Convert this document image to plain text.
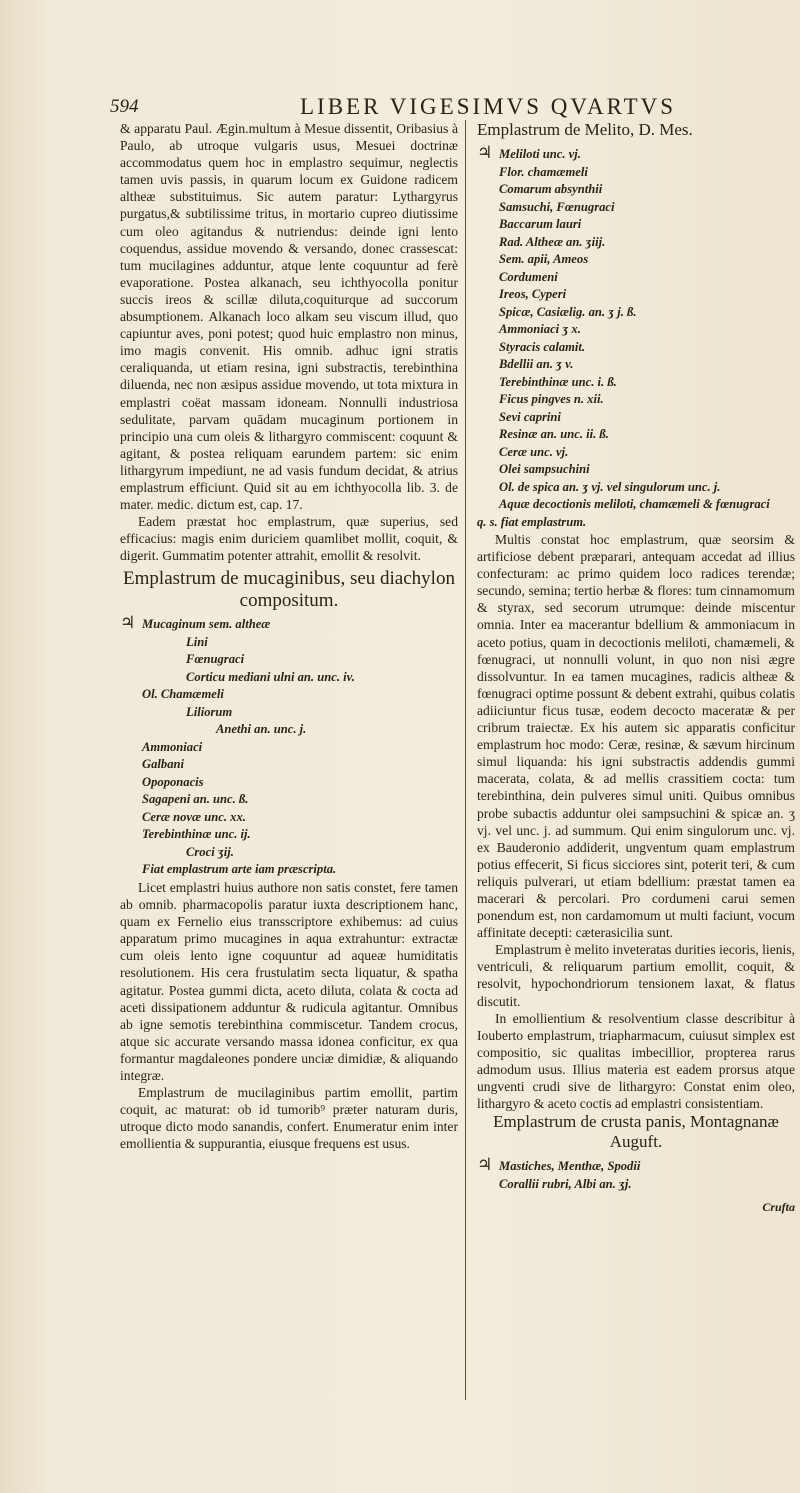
594	LIBER VIGESIMVS QVARTVS

& apparatu Paul. Ægin.multum à Mesue dissentit, Oribasius à Paulo, ab utroque vulgaris usus, Mesuei doctrinæ accommodatus quem hoc in emplastro sequimur, neglectis tamen uvis passis, in quarum locum ex Guidone radicem altheæ substituimus. Sic autem paratur: Lythargyrus purgatus,& subtilissime tritus, in mortario cupreo diutissime cum oleo agitandus & nutriendus: deinde igni lento coquendus, assidue movendo & versando, donec crassescat: tum mucilagines adduntur, atque lente coquuntur ad ferè evaporatione. Postea alkanach, seu ichthyocolla ponitur succis ireos & scillæ diluta,coquiturque ad succorum absumptionem. Alkanach loco alkam seu viscum illud, quo capiuntur aves, poni potest; quod huic emplastro non minus, imo magis convenit. His omnib. adhuc igni stratis ceraliquanda, ut etiam resina, igni substractis, terebinthina diluenda, nec non æsipus assidue movendo, ut tota mixtura in emplastri coëat massam idoneam. Nonnulli industriosa sedulitate, parvam quādam mucaginum portionem in principio una cum oleis & lithargyro commiscent: coquunt & agitant, & postea reliquam earundem partem: sic enim lithargyrum impediunt, ne ad vasis fundum decidat, & atrius emplastrum efficiunt. Quid sit au em ichthyocolla lib. 3. de mater. medic. dictum est, cap. 17.

Eadem præstat hoc emplastrum, quæ superius, sed efficacius: magis enim duriciem quamlibet mollit, coquit, & digerit. Gummatim potenter attrahit, emollit & resolvit.

Emplastrum de mucaginibus, seu diachylon compositum.
♃ Mucaginum sem. altheæ
Lini
Fœnugraci
Corticu mediani ulni an. unc. iv.
Ol. Chamæmeli
Liliorum
Anethi an. unc. j.
Ammoniaci
Galbani
Opoponacis
Sagapeni an. unc. ß.
Ceræ novæ unc. xx.
Terebinthinæ unc. ij.
Croci ʒij.
Fiat emplastrum arte iam præscripta.

Licet emplastri huius authore non satis constet, fere tamen ab omnib. pharmacopolis paratur iuxta descriptionem hanc, quam ex Fernelio eius transscriptore exhibemus: ad cuius apparatum primo mucagines in aqua extrahuntur: extractæ cum oleis lento igne coquuntur ad aqueæ humiditatis resolutionem. His cera frustulatim secta liquatur, & spatha agitatur. Postea gummi dicta, aceto diluta, colata & cocta ad aceti dissipationem adduntur & rudicula agitantur. Omnibus ab igne semotis terebinthina commiscetur. Tandem crocus, atque sic accurate versando massa idonea conficitur, ex qua formantur magdaleones pondere unciæ dimidiæ, & aliquando integræ.

Emplastrum de mucilaginibus partim emollit, partim coquit, ac maturat: ob id tumorib⁹ præter naturam duris, utroque dicto modo sanandis, confert. Enumeratur enim inter emollientia & suppurantia, eiusque frequens est usus.

Emplastrum de Melito, D. Mes.
♃ Meliloti unc. vj.
Flor. chamæmeli
Comarum absynthii
Samsuchi, Fœnugraci
Baccarum lauri
Rad. Altheæ an. ʒiij.
Sem. apii, Ameos
Cordumeni
Ireos, Cyperi
Spicæ, Casiælig. an. ʒ j. ß.
Ammoniaci ʒ x.
Styracis calamit.
Bdellii an. ʒ v.
Terebinthinæ unc. i. ß.
Ficus pingves n. xii.
Sevi caprini
Resinæ an. unc. ii. ß.
Ceræ unc. vj.
Olei sampsuchini
Ol. de spica an. ʒ vj. vel singulorum unc. j.
Aquæ decoctionis meliloti, chamæmeli & fœnugraci
q. s. fiat emplastrum.

Multis constat hoc emplastrum, quæ seorsim & artificiose debent præparari, antequam accedat ad illius confecturam: ac primo quidem loco radices terendæ; secundo, semina; tertio herbæ & flores: tum cinnamomum & styrax, sed secorum utrumque: deinde miscentur omnia. Inter ea macerantur bdellium & ammoniacum in aceto potius, quam in decoctionis meliloti, chamæmeli, & fœnugraci, ut nonnulli volunt, in quo non nisi ægre dissolvuntur. In ea tamen mucagines, radicis altheæ & fœnugraci optime possunt & debent extrahi, quibus colatis adiiciuntur ficus tusæ, eodem decocto maceratæ & per cribrum traiectæ. Ex his autem sic apparatis conficitur emplastrum hoc modo: Ceræ, resinæ, & sævum hircinum simul liquanda: his igni substractis addendis gummi macerata, colata, & ad mellis crassitiem cocta: tum terebinthina, dein pulveres simul uniti. Quibus omnibus probe subactis adduntur olei sampsuchini & spicæ an. ʒ vj. vel unc. j. ad summum. Qui enim singulorum unc. vj. ex Bauderonio addiderit, ungventum quam emplastrum potius effecerit, Si ficus sicciores sint, poterit teri, & cum reliquis pulverari, ut etiam bdellium: præstat tamen ea macerari & percolari. Pro cordumeni carui semen ponendum est, non cardamomum ut multi faciunt, vocum affinitate decepti: cæterasicilia sunt.

Emplastrum è melito inveteratas durities iecoris, lienis, ventriculi, & reliquarum partium emollit, coquit, & resolvit, hypochondriorum tensionem laxat, & flatus discutit.

In emollientium & resolventium classe describitur à Iouberto emplastrum, triapharmacum, cuiusut simplex est compositio, sic qualitas imbecillior, propterea rarus admodum usus. Illius materia est eadem prorsus atque ungventi crudi sive de lithargyro: Constat enim oleo, lithargyro & aceto coctis ad emplastri consistentiam.

Emplastrum de crusta panis, Montagnanæ Auguft.
♃ Mastiches, Menthæ, Spodii
Corallii rubri, Albi an. ʒj.
Crufta
